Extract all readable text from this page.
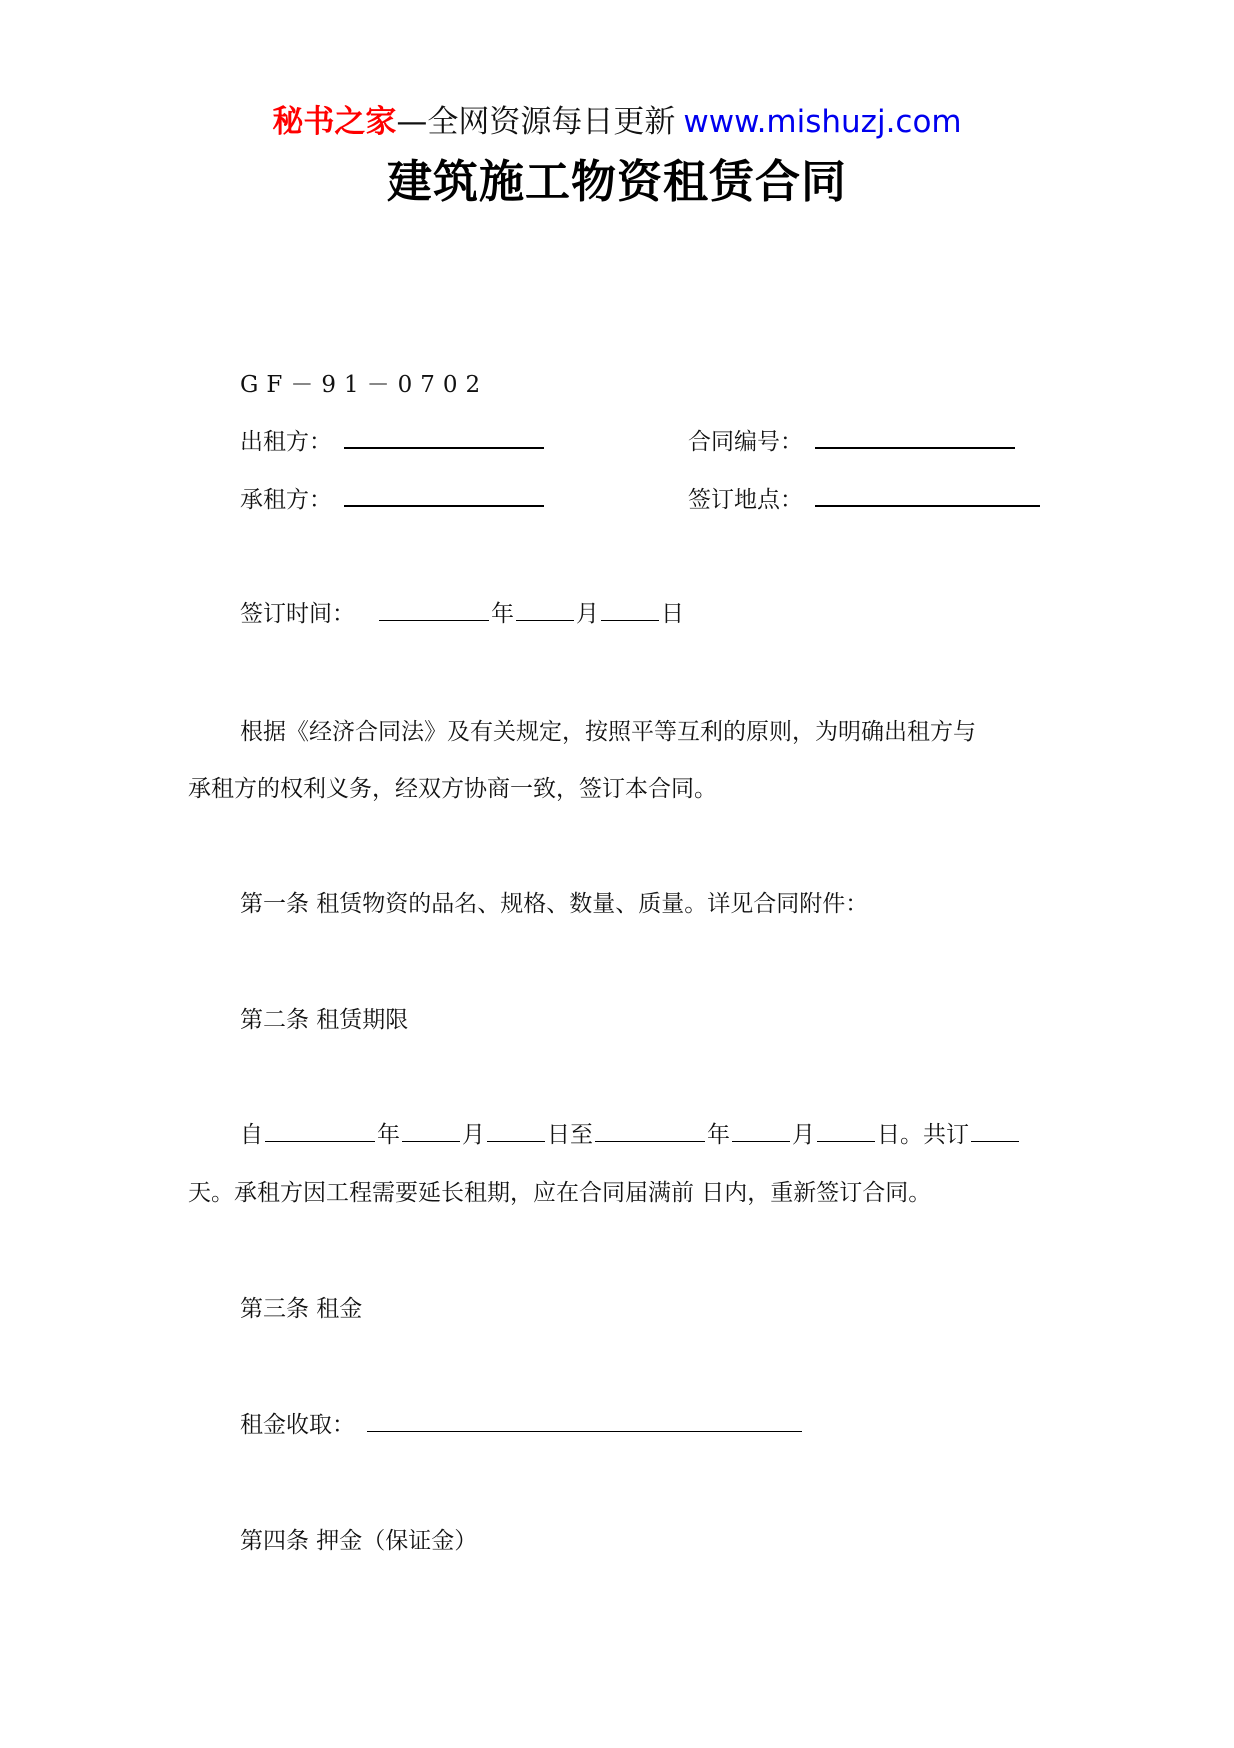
秘书之家—全网资源每日更新 www.mishuzj.com
建筑施工物资租赁合同
GF－91－0702
出租方：	合同编号：
承租方：	签订地点：
签订时间：	年	月	日
根据《经济合同法》及有关规定，按照平等互利的原则，为明确出租方与
承租方的权利义务，经双方协商一致，签订本合同。
第一条 租赁物资的品名、规格、数量、质量。详见合同附件：
第二条 租赁期限
自	年	月	日至	年	月	日。共订
天。承租方因工程需要延长租期，应在合同届满前 日内，重新签订合同。
第三条 租金
租金收取：
第四条 押金（保证金）
